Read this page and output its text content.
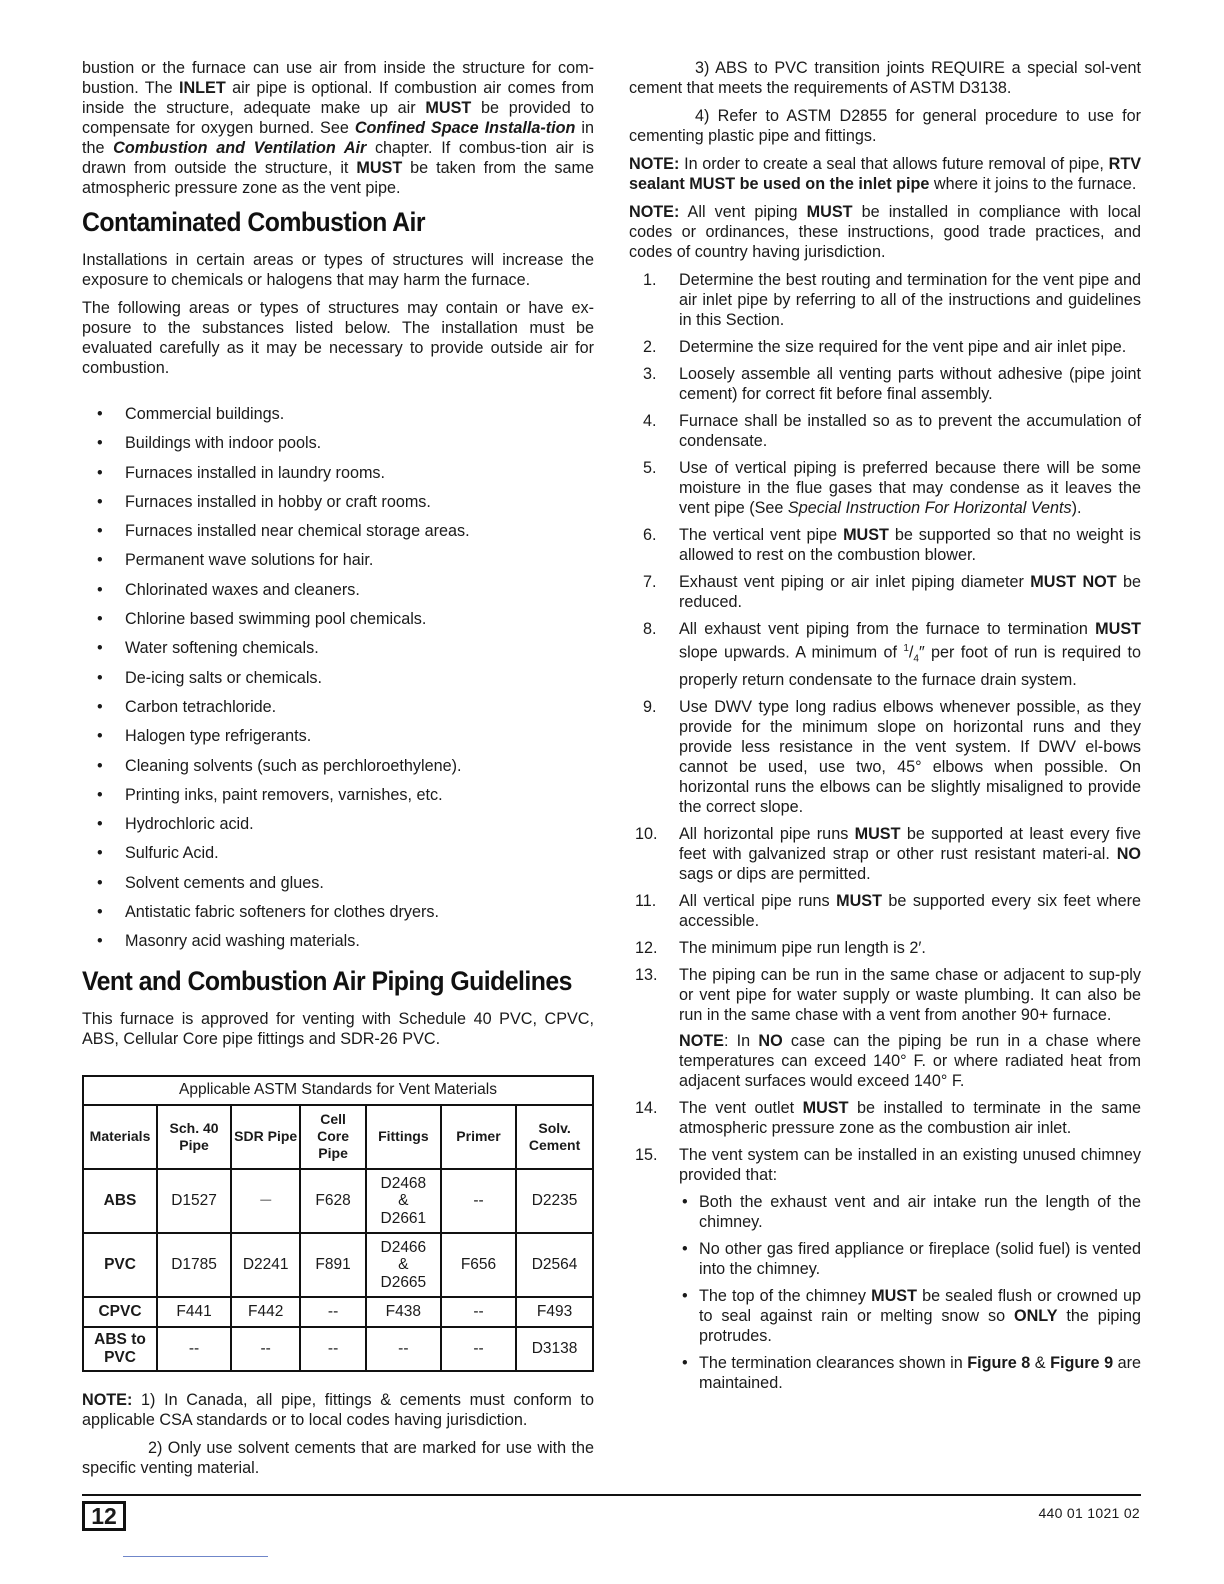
bustion or the furnace can use air from inside the structure for com-bustion. The INLET air pipe is optional. If combustion air comes from inside the structure, adequate make up air MUST be provided to compensate for oxygen burned. See Confined Space Installa-tion in the Combustion and Ventilation Air chapter. If combus-tion air is drawn from outside the structure, it MUST be taken from the same atmospheric pressure zone as the vent pipe.

Contaminated Combustion Air

Installations in certain areas or types of structures will increase the exposure to chemicals or halogens that may harm the furnace.

The following areas or types of structures may contain or have ex-posure to the substances listed below. The installation must be evaluated carefully as it may be necessary to provide outside air for combustion.

• Commercial buildings.
• Buildings with indoor pools.
• Furnaces installed in laundry rooms.
• Furnaces installed in hobby or craft rooms.
• Furnaces installed near chemical storage areas.
• Permanent wave solutions for hair.
• Chlorinated waxes and cleaners.
• Chlorine based swimming pool chemicals.
• Water softening chemicals.
• De-icing salts or chemicals.
• Carbon tetrachloride.
• Halogen type refrigerants.
• Cleaning solvents (such as perchloroethylene).
• Printing inks, paint removers, varnishes, etc.
• Hydrochloric acid.
• Sulfuric Acid.
• Solvent cements and glues.
• Antistatic fabric softeners for clothes dryers.
• Masonry acid washing materials.
Vent and Combustion Air Piping Guidelines

This furnace is approved for venting with Schedule 40 PVC, CPVC, ABS, Cellular Core pipe fittings and SDR-26 PVC.

Applicable ASTM Standards for Vent Materials						
Materials	Sch. 40 Pipe	SDR Pipe	Cell Core Pipe	Fittings	Primer	Solv. Cement
ABS	D1527	—	F628	D2468 & D2661	--	D2235
PVC	D1785	D2241	F891	D2466 & D2665	F656	D2564
CPVC	F441	F442	--	F438	--	F493
ABS to PVC	--	--	--	--	--	D3138

NOTE: 1) In Canada, all pipe, fittings & cements must conform to applicable CSA standards or to local codes having jurisdiction.

2) Only use solvent cements that are marked for use with the specific venting material.

3) ABS to PVC transition joints REQUIRE a special sol-vent cement that meets the requirements of ASTM D3138.

4) Refer to ASTM D2855 for general procedure to use for cementing plastic pipe and fittings.

NOTE: In order to create a seal that allows future removal of pipe, RTV sealant MUST be used on the inlet pipe where it joins to the furnace.

NOTE: All vent piping MUST be installed in compliance with local codes or ordinances, these instructions, good trade practices, and codes of country having jurisdiction.

1. Determine the best routing and termination for the vent pipe and air inlet pipe by referring to all of the instructions and guidelines in this Section.
2. Determine the size required for the vent pipe and air inlet pipe.
3. Loosely assemble all venting parts without adhesive (pipe joint cement) for correct fit before final assembly.
4. Furnace shall be installed so as to prevent the accumulation of condensate.
5. Use of vertical piping is preferred because there will be some moisture in the flue gases that may condense as it leaves the vent pipe (See Special Instruction For Horizontal Vents).
6. The vertical vent pipe MUST be supported so that no weight is allowed to rest on the combustion blower.
7. Exhaust vent piping or air inlet piping diameter MUST NOT be reduced.
8. All exhaust vent piping from the furnace to termination MUST slope upwards. A minimum of $^1/_4''$ per foot of run is required to properly return condensate to the furnace drain system.
9. Use DWV type long radius elbows whenever possible, as they provide for the minimum slope on horizontal runs and they provide less resistance in the vent system. If DWV el-bows cannot be used, use two, 45° elbows when possible. On horizontal runs the elbows can be slightly misaligned to provide the correct slope.
10. All horizontal pipe runs MUST be supported at least every five feet with galvanized strap or other rust resistant materi-al. NO sags or dips are permitted.
11. All vertical pipe runs MUST be supported every six feet where accessible.
12. The minimum pipe run length is 2′.
13. The piping can be run in the same chase or adjacent to sup-ply or vent pipe for water supply or waste plumbing. It can also be run in the same chase with a vent from another 90+ furnace.
NOTE: In NO case can the piping be run in a chase where temperatures can exceed 140° F. or where radiated heat from adjacent surfaces would exceed 140° F.
14. The vent outlet MUST be installed to terminate in the same atmospheric pressure zone as the combustion air inlet.
15. The vent system can be installed in an existing unused chimney provided that:
• Both the exhaust vent and air intake run the length of the chimney.
• No other gas fired appliance or fireplace (solid fuel) is vented into the chimney.
• The top of the chimney MUST be sealed flush or crowned up to seal against rain or melting snow so ONLY the piping protrudes.
• The termination clearances shown in Figure 8 & Figure 9 are maintained.
12	440 01 1021 02
